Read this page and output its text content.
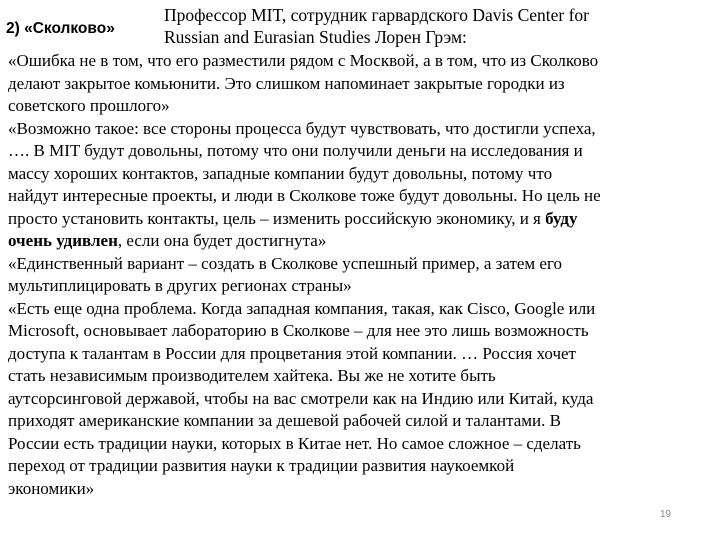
2) «Сколково»
Профессор MIT, сотрудник гарвардского Davis Center for
Russian and Eurasian Studies Лорен Грэм:
«Ошибка не в том, что его разместили рядом с Москвой, а в том, что из Сколково
делают закрытое комьюнити. Это слишком напоминает закрытые городки из
советского прошлого»
«Возможно такое: все стороны процесса будут чувствовать, что достигли успеха,
…. В MIT будут довольны, потому что они получили деньги на исследования и
массу хороших контактов, западные компании будут довольны, потому что
найдут интересные проекты, и люди в Сколкове тоже будут довольны. Но цель не
просто установить контакты, цель – изменить российскую экономику, и я буду
очень удивлен, если она будет достигнута»
«Единственный вариант – создать в Сколкове успешный пример, а затем его
мультиплицировать в других регионах страны»
«Есть еще одна проблема. Когда западная компания, такая, как Cisco, Google или
Microsoft, основывает лабораторию в Сколкове – для нее это лишь возможность
доступа к талантам в России для процветания этой компании. … Россия хочет
стать независимым производителем хайтека. Вы же не хотите быть
аутсорсинговой державой, чтобы на вас смотрели как на Индию или Китай, куда
приходят американские компании за дешевой рабочей силой и талантами. В
России есть традиции науки, которых в Китае нет. Но самое сложное – сделать
переход от традиции развития науки к традиции развития наукоемкой
экономики»
19
